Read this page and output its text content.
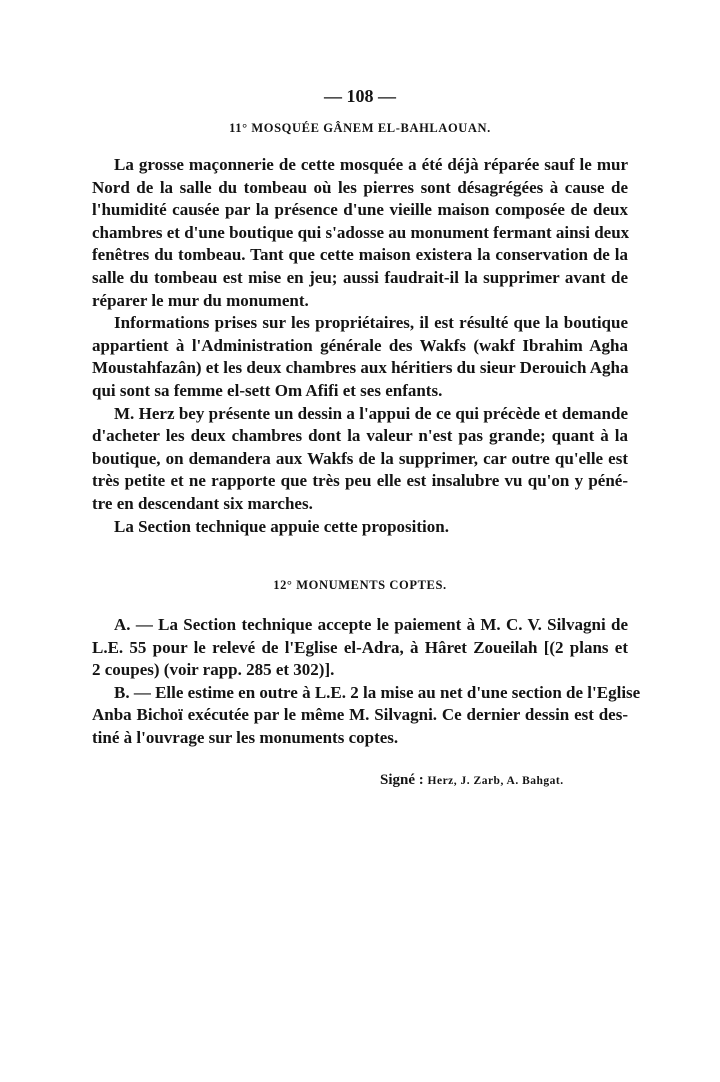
— 108 —
11° MOSQUÉE GÂNEM EL-BAHLAOUAN.
La grosse maçonnerie de cette mosquée a été déjà réparée sauf le mur
Nord de la salle du tombeau où les pierres sont désagrégées à cause de
l'humidité causée par la présence d'une vieille maison composée de deux
chambres et d'une boutique qui s'adosse au monument fermant ainsi deux
fenêtres du tombeau. Tant que cette maison existera la conservation de la
salle du tombeau est mise en jeu; aussi faudrait-il la supprimer avant de
réparer le mur du monument.
Informations prises sur les propriétaires, il est résulté que la boutique
appartient à l'Administration générale des Wakfs (wakf Ibrahim Agha
Moustahfazân) et les deux chambres aux héritiers du sieur Derouich Agha
qui sont sa femme el-sett Om Afifi et ses enfants.
M. Herz bey présente un dessin a l'appui de ce qui précède et demande
d'acheter les deux chambres dont la valeur n'est pas grande; quant à la
boutique, on demandera aux Wakfs de la supprimer, car outre qu'elle est
très petite et ne rapporte que très peu elle est insalubre vu qu'on y péné-
tre en descendant six marches.
La Section technique appuie cette proposition.
12° MONUMENTS COPTES.
A. — La Section technique accepte le paiement à M. C. V. Silvagni de
L.E. 55 pour le relevé de l'Eglise el-Adra, à Hâret Zoueilah [(2 plans et
2 coupes) (voir rapp. 285 et 302)].
B. — Elle estime en outre à L.E. 2 la mise au net d'une section de l'Eglise
Anba Bichoï exécutée par le même M. Silvagni. Ce dernier dessin est des-
tiné à l'ouvrage sur les monuments coptes.
Signé : Herz, J. Zarb, A. Bahgat.
